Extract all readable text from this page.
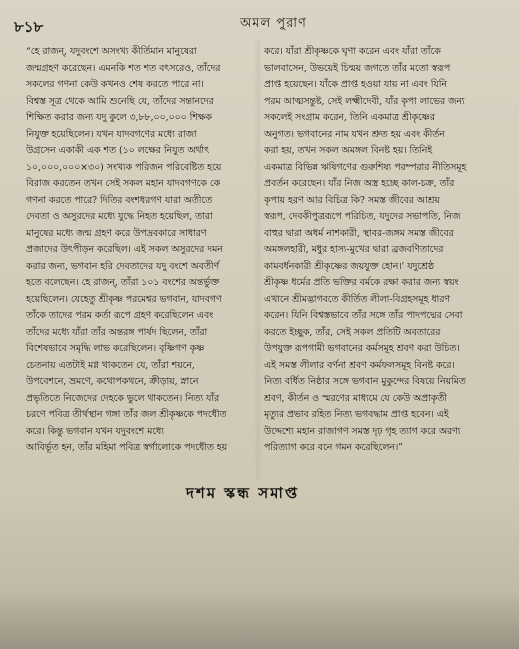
৮১৮	অমল পুরাণ
“হে রাজন্‌, যদুবংশে অসংখ্য কীর্তিমান মানুষেরা
জন্মগ্রহণ করেছেন। এমনকি শত শত বৎসরেও, তাঁদের
সকলের গণনা কেউ কখনও শেষ করতে পারে না।
বিশ্বস্ত সূত্র থেকে আমি শুনেছি যে, তাঁদের সন্তানদের
শিক্ষিত করার জন্য যদু কুলে ৩,৮৮,০০,০০০ শিক্ষক
নিযুক্ত হয়েছিলেন। যখন যাদবগণের মধ্যে রাজা
উগ্রসেন একাকী এক শত (১০ লক্ষের নিযুত অর্থাৎ
১০,০০০,০০০×৩০) সংখ্যক পরিজন পরিবেষ্টিত হয়ে
বিরাজ করতেন তখন সেই সকল মহান যাদবগণকে কে
গণনা করতে পারে? দিতির বংশধরগণ যারা অতীতে
দেবতা ও অসুরদের মধ্যে যুদ্ধে নিহত হয়েছিল, তারা
মানুষের মধ্যে জন্ম গ্রহণ করে উপদ্রবকারে সাধারণ
প্রজাদের উৎপীড়ন করেছিল। এই সকল অসুরদের দমন
করার জন্য, ভগবান হরি দেবতাদের যদু বংশে অবতীর্ণ
হতে বলেছেন। হে রাজন্‌, তাঁরা ১০১ বংশের অন্তর্ভুক্ত
হয়েছিলেন। যেহেতু শ্রীকৃষ্ণ পরমেশ্বর ভগবান, যাদবগণ
তাঁকে তাদের পরম কর্তা রূপে গ্রহণ করেছিলেন এবং
তাঁদের মধ্যে যাঁরা তাঁর অন্তরঙ্গ পার্ষদ ছিলেন, তাঁরা
বিশেষভাবে সমৃদ্ধি লাভ করেছিলেন। বৃষ্ণিগণ কৃষ্ণ
চেতনায় এতটাই মগ্ন থাকতেন যে, তাঁরা শয়নে,
উপবেশনে, ভ্রমণে, কথোপকথনে, ক্রীড়ায়, স্নানে
প্রভৃতিতে নিজেদের দেহকে ভুলে থাকতেন। নিত্য যাঁর
চরণে পবিত্র তীর্থস্থান গঙ্গা তাঁর জল শ্রীকৃষ্ণকে পদধৌত
করে। কিন্তু ভগবান যখন যদুবংশে মধ্যে
আবির্ভূত হন, তাঁর মহিমা পবিত্র স্বর্গালোকে পদধৌত হয়
করে। যাঁরা শ্রীকৃষ্ণকে ঘৃণা করেন এবং যাঁরা তাঁকে
ভালবাসেন, উভয়েই চিন্ময় জগতে তাঁর মতো স্বরূপ
প্রাপ্ত হয়েছেন। যাঁকে প্রাপ্ত হওয়া যায় না এবং যিনি
পরম আত্মসন্তুষ্ট, সেই লক্ষ্মীদেবী, যাঁর কৃপা লাভের জন্য
সকলেই সংগ্রাম করেন, তিনি একমাত্র শ্রীকৃষ্ণের
অনুগত। ভগবানের নাম যখন শ্রুত হয় এবং কীর্তন
করা হয়, তখন সকল অমঙ্গল বিনষ্ট হয়। তিনিই
একমাত্র বিভিন্ন ঋষিগণের গুরুশিষ্য পরম্পরার নীতিসমূহ
প্রবর্তন করেছেন। যাঁর নিজ অস্ত্র হচ্ছে কাল-চক্র, তাঁর
কৃপায় হরণ আর বিচিত্র কি? সমস্ত জীবের আশ্রয়
স্বরূপ, দেবকীপুত্ররূপে পরিচিত, যদুদের সভাপতি, নিজ
বাহুর দ্বারা অধর্ম নাশকারী, স্থাবর-জঙ্গম সমস্ত জীবের
অমঙ্গলহারী, মধুর হাস্য-মুখের দ্বারা ব্রজবণিতাদের
কামবর্ধনকারী শ্রীকৃষ্ণের জয়যুক্ত হোন।' যদুশ্রেষ্ঠ
শ্রীকৃষ্ণ ধর্মের প্রতি ভক্তির বর্মকে রক্ষা করার জন্য স্বয়ং
এখানে শ্রীমদ্ভাগবতে কীর্তিত লীলা-বিগ্রহসমূহ ধারণ
করেন। যিনি বিশ্বস্তভাবে তাঁর সঙ্গে তাঁর পাদপদ্মের সেবা
করতে ইচ্ছুক, তাঁর, সেই সকল প্রতিটি অবতারের
উপযুক্ত রূপগামী ভগবানের কর্মসমূহ শ্রবণ করা উচিত।
এই সমস্ত লীলার বর্ণনা শ্রবণ কর্মফলসমূহ বিনষ্ট করে।
নিত্য বর্ধিত নিষ্ঠার সঙ্গে ভগবান মুকুন্দের বিষয়ে নিয়মিত
শ্রবণ, কীর্তন ও স্মরণের মাধ্যমে যে কেউ অপ্রাকৃতী
মৃত্যুর প্রভাব রহিত নিত্য ভগবদ্ধাম প্রাপ্ত হবেন। এই
উদ্দেশ্যে মহান রাজাগণ সমস্ত দৃঢ় গৃহ ত্যাগ করে অরণ্য
পরিত্যাগ করে বনে গমন করেছিলেন।”
দশম স্কন্ধ সমাপ্ত
